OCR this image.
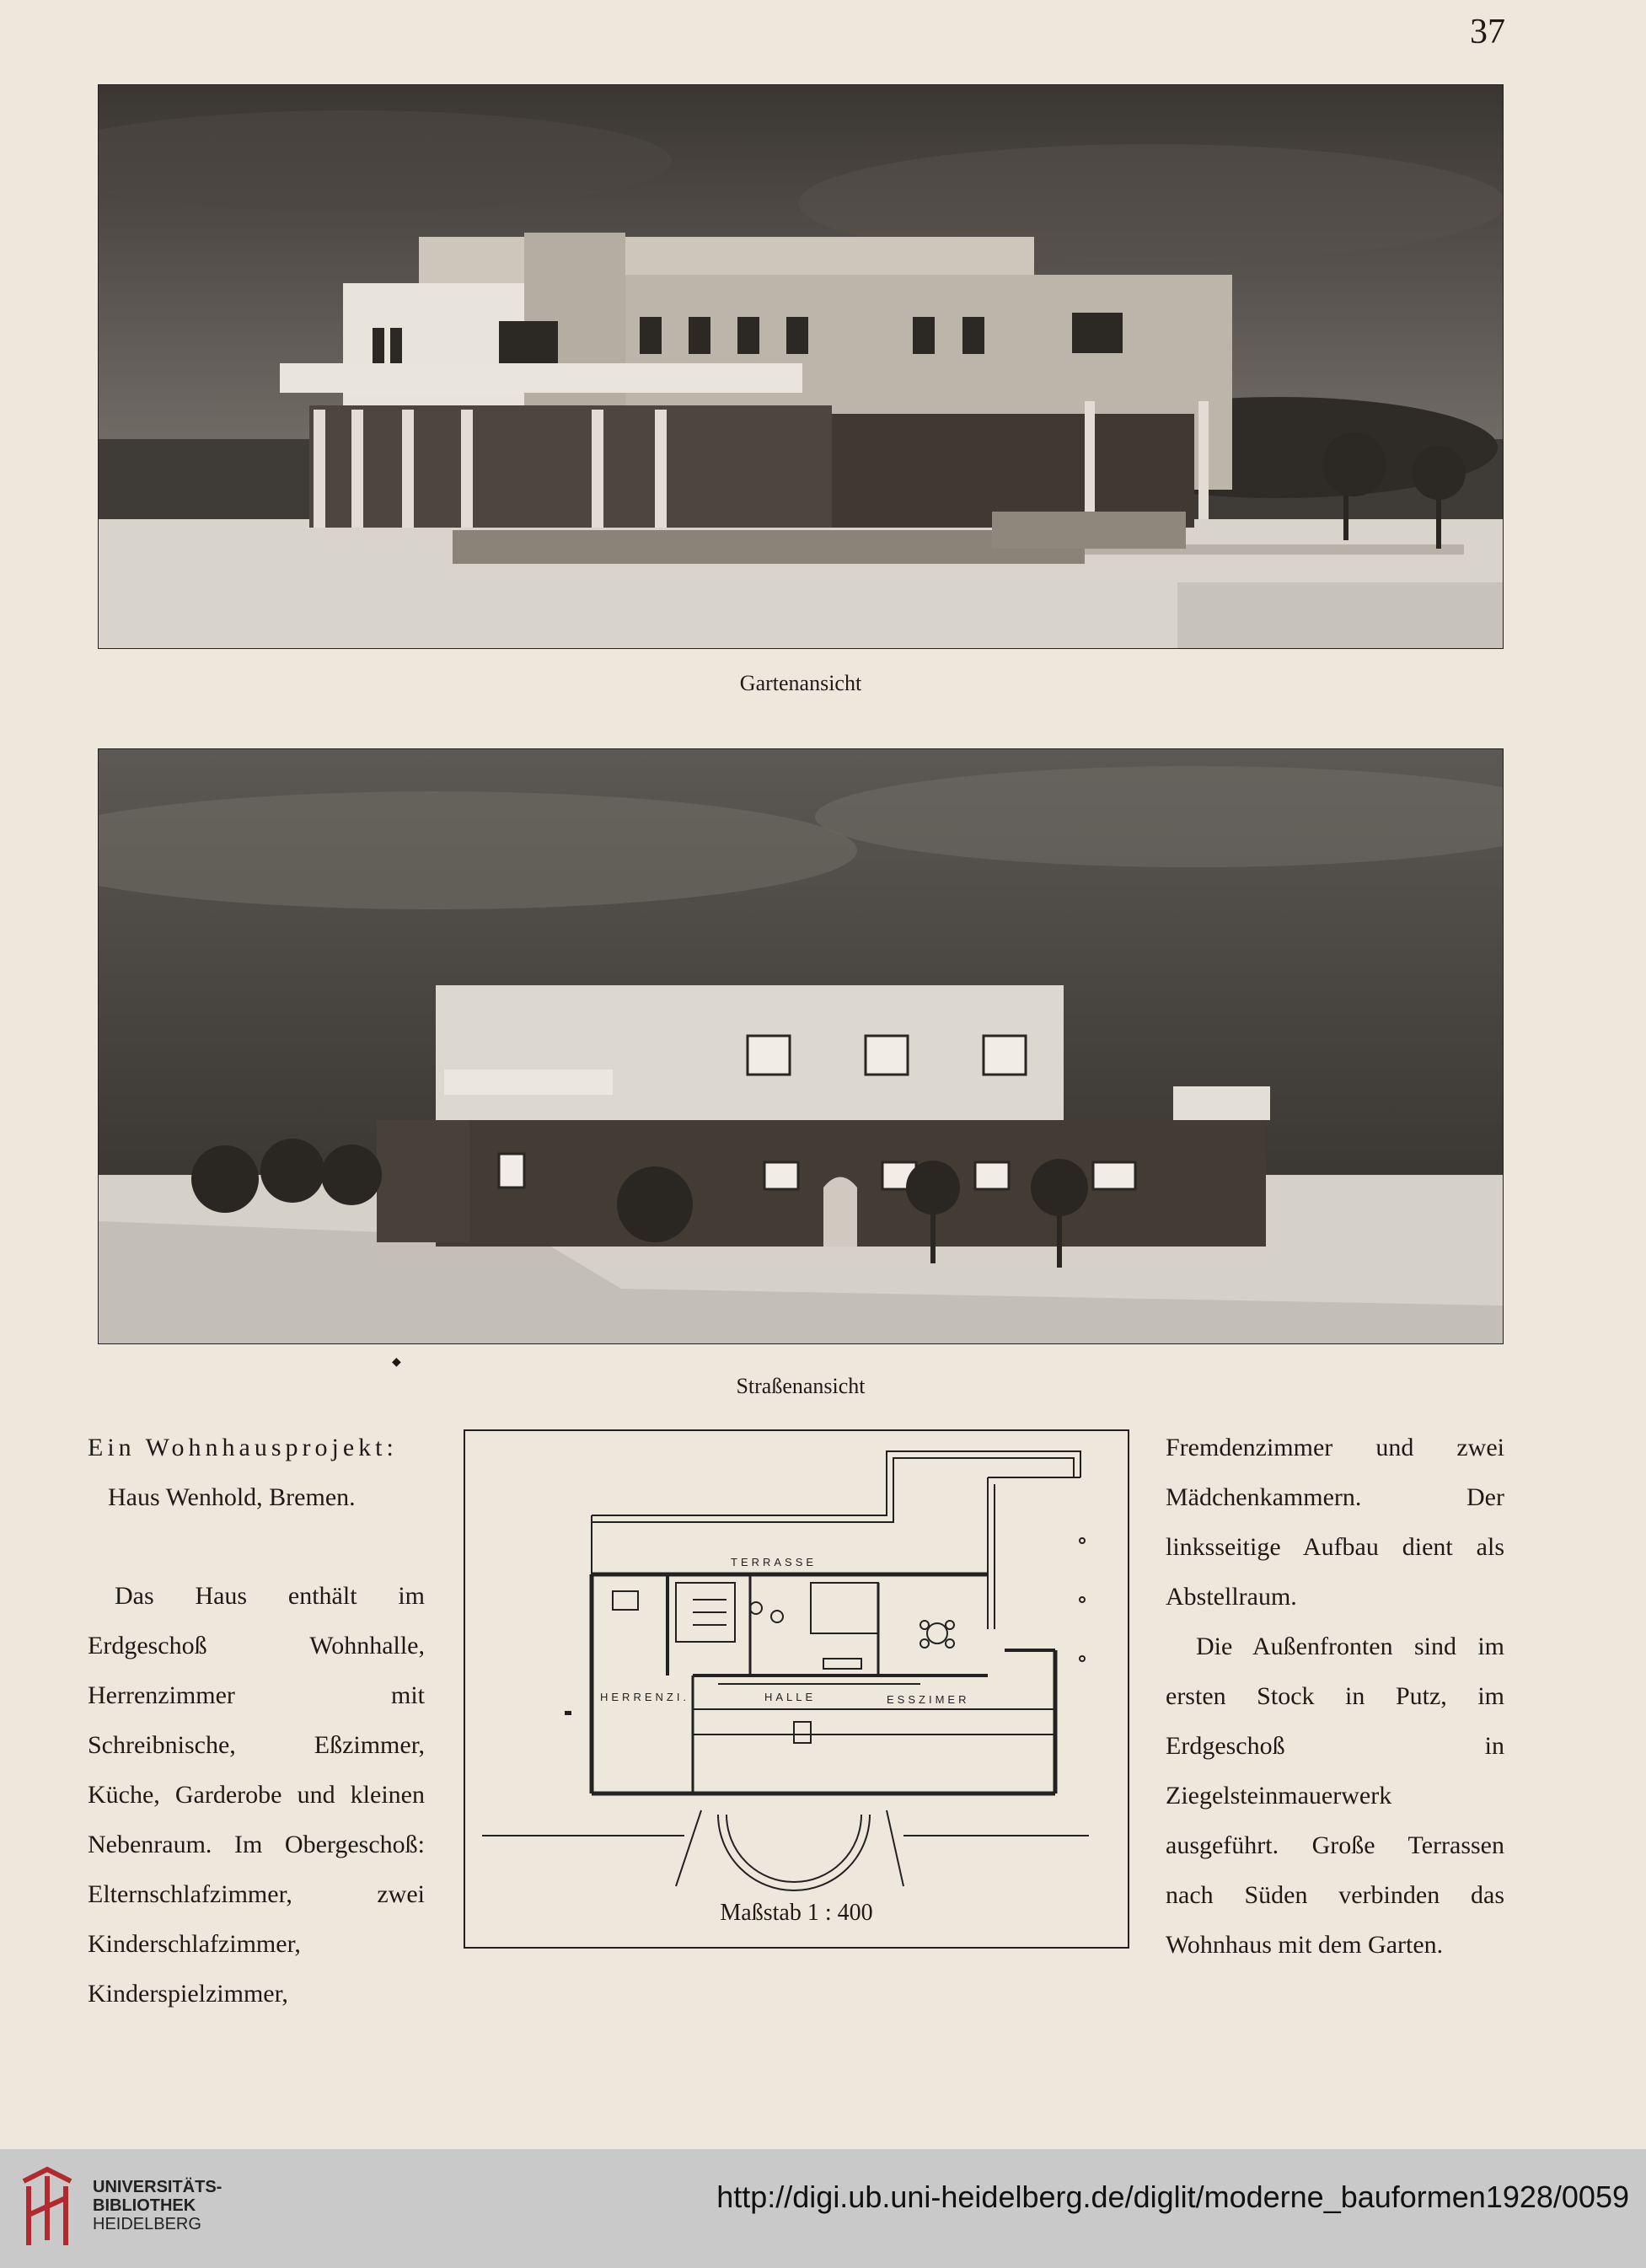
37
Gartenansicht
◆
Straßenansicht
Ein Wohnhausprojekt:
Haus Wenhold, Bremen.
Das Haus enthält im Erdgeschoß Wohnhalle, Herrenzimmer mit Schreibnische, Eßzimmer, Küche, Garderobe und kleinen Nebenraum. Im Obergeschoß: Elternschlafzimmer, zwei Kinderschlafzimmer, Kinderspielzimmer,
TERRASSE
HERRENZI.	HALLE	ESSZIMER
Maßstab 1 : 400

Fremdenzimmer und zwei Mädchenkammern. Der linksseitige Aufbau dient als Abstellraum.

Die Außenfronten sind im ersten Stock in Putz, im Erdgeschoß in Ziegelsteinmauerwerk ausgeführt. Große Terrassen nach Süden verbinden das Wohnhaus mit dem Garten.

UNIVERSITÄTS-
BIBLIOTHEK
HEIDELBERG
http://digi.ub.uni-heidelberg.de/diglit/moderne_bauformen1928/0059
